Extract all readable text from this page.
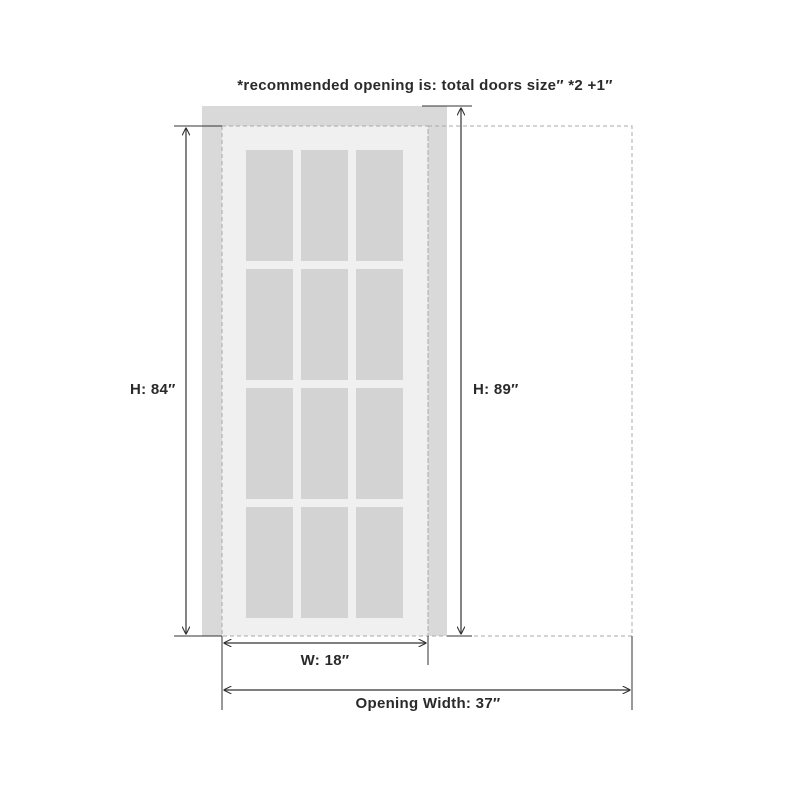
*recommended opening is: total doors size″ *2 +1″
H: 84″	H: 89″
W: 18″
Opening Width: 37″
